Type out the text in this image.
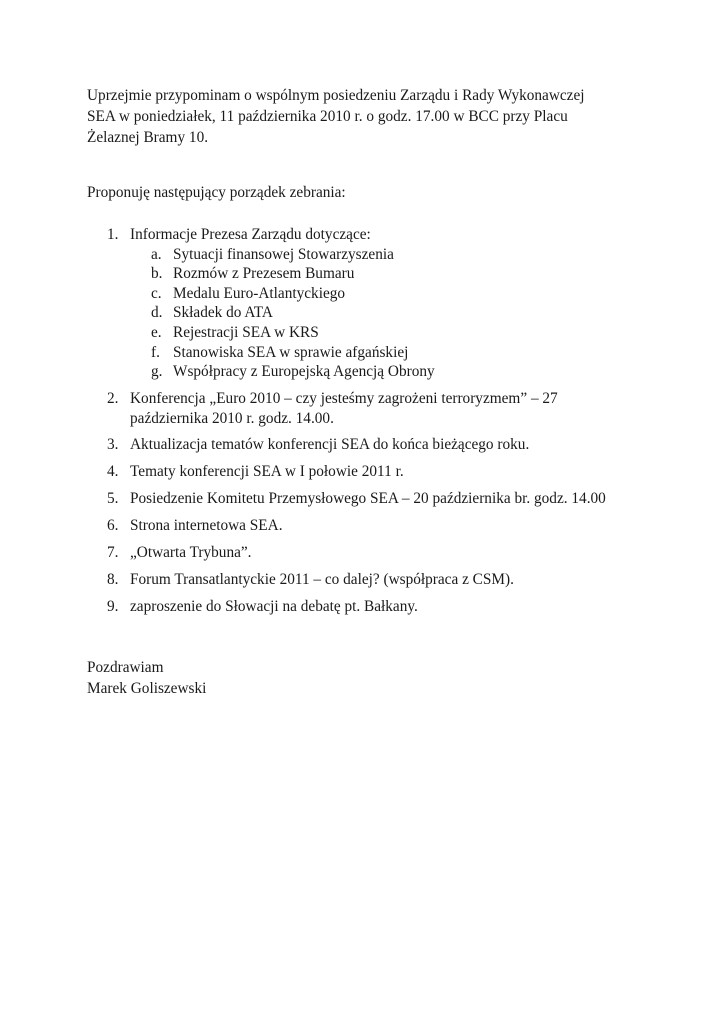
Uprzejmie przypominam o wspólnym posiedzeniu Zarządu i Rady Wykonawczej

SEA w poniedziałek, 11 października 2010 r. o godz. 17.00 w BCC przy Placu

Żelaznej Bramy 10.

Proponuję następujący porządek zebrania:
1. Informacje Prezesa Zarządu dotyczące:

a. Sytuacji finansowej Stowarzyszenia
b. Rozmów z Prezesem Bumaru
c. Medalu Euro-Atlantyckiego
d. Składek do ATA
e. Rejestracji SEA w KRS
f. Stanowiska SEA w sprawie afgańskiej
g. Współpracy z Europejską Agencją Obrony
2. Konferencja „Euro 2010 – czy jesteśmy zagrożeni terroryzmem” – 27

października 2010 r. godz. 14.00.

3. Aktualizacja tematów konferencji SEA do końca bieżącego roku.

4. Tematy konferencji SEA w I połowie 2011 r.

5. Posiedzenie Komitetu Przemysłowego SEA – 20 października br. godz. 14.00

6. Strona internetowa SEA.

7. „Otwarta Trybuna”.

8. Forum Transatlantyckie 2011 – co dalej? (współpraca z CSM).

9. zaproszenie do Słowacji na debatę pt. Bałkany.

Pozdrawiam

Marek Goliszewski
